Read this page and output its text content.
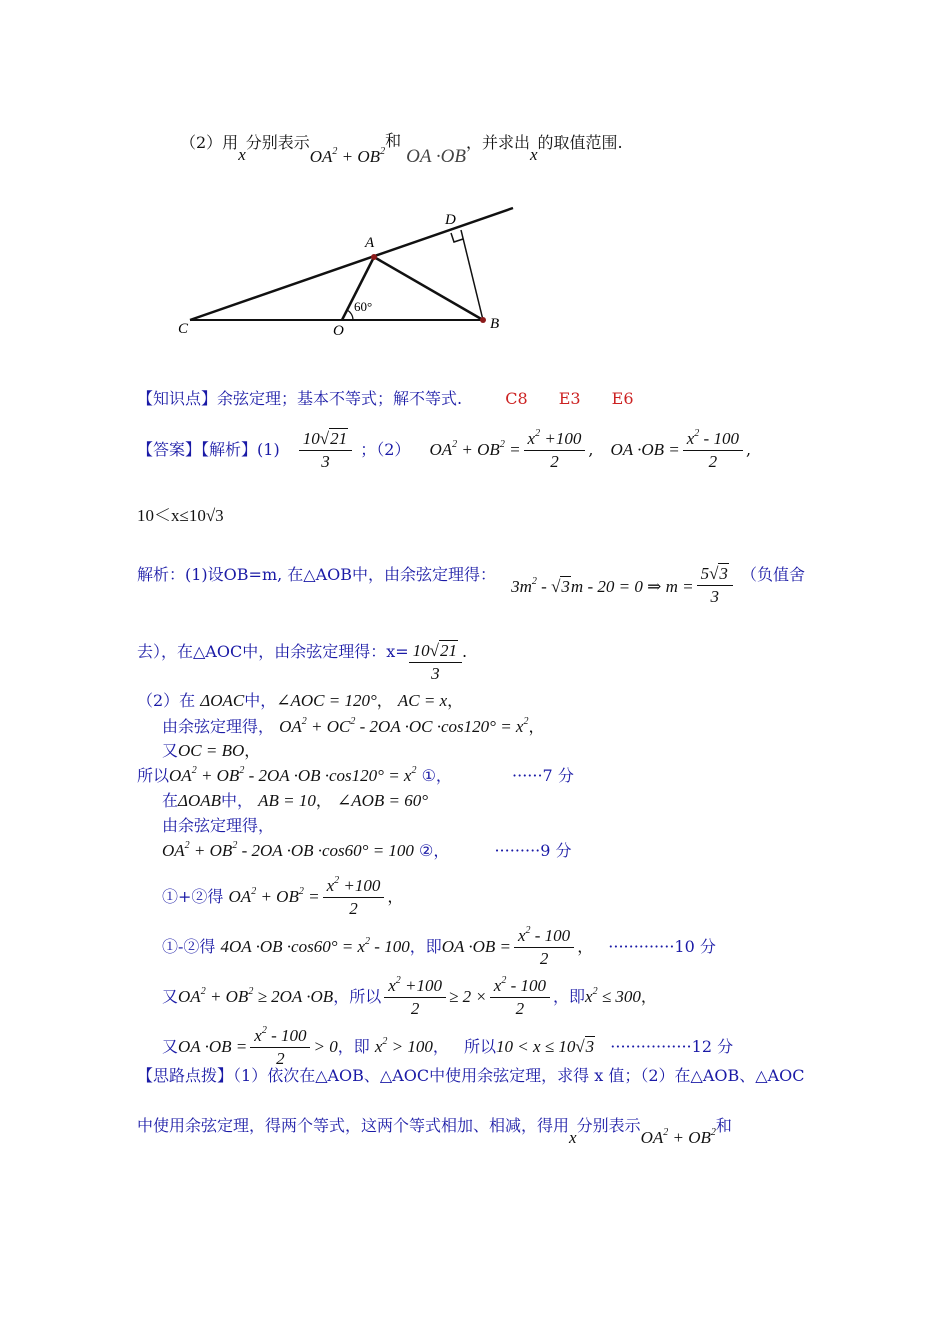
（2）用x分别表示$OA^2 + OB^2$和 OA ·OB，并求出x的取值范围.
A
D
C	O	B
60°
【知识点】余弦定理；基本不等式；解不等式.	C8 E3 E6
【答案】【解析】$(1) \frac{10√21}{3}$ ；（2） $OA^2 + OB^2 = \frac{x^2 +100}{2}$ , OA $\cdot OB = \frac{x^2 - 100}{2}$ ,
10＜x≤10√3
解析：(1)设OB=m, 在△AOB中，由余弦定理得： $3m^2 - √3m - 20 = 0$ ⇒ $m = \frac{5√3}{3}$ （负值舍
去），在△AOC中，由余弦定理得：$x= \frac{10√21}{3}$ .
（2）在 ΔOAC中，∠AOC = 120°， AC = x，
由余弦定理得， $OA^2 + OC^2 - 2OA \cdot OC \cdot\cos 120^\circ = x^2$，
又OC = BO，
所以$OA^2 + OB^2 - 2OA \cdot OB \cdot\cos 120^\circ = x^2$ ①，	······7 分
在ΔOAB中， AB = 10， ∠AOB = 60°
由余弦定理得，
$OA^2 + OB^2 - 2OA \cdot OB \cdot\cos 60^\circ = 100$ ②，	·········9 分
①+②得 $OA^2 + OB^2 = \frac{x^2 +100}{2}$ ，
①-②得 $4OA \cdot OB \cdot\cos 60^\circ = x^2 - 100$，即OA $\cdot OB = \frac{x^2 - 100}{2}$ ， ·············10 分
又$OA^2 + OB^2 \ge 2OA \cdot OB$，所以 $\frac{x^2 +100}{2} \ge 2 \times \frac{x^2 - 100}{2}$ ，即$x^2 \le 300$，
又OA $\cdot OB = \frac{x^2 - 100}{2} > 0$，即 $x^2 > 100$， 所以10 < x ≤ 10√3 ················12 分
【思路点拨】（1）依次在△AOB、△AOC中使用余弦定理，求得 x 值；（2）在△AOB、△AOC
中使用余弦定理，得两个等式，这两个等式相加、相减，得用x分别表示$OA^2 + OB^2$和
